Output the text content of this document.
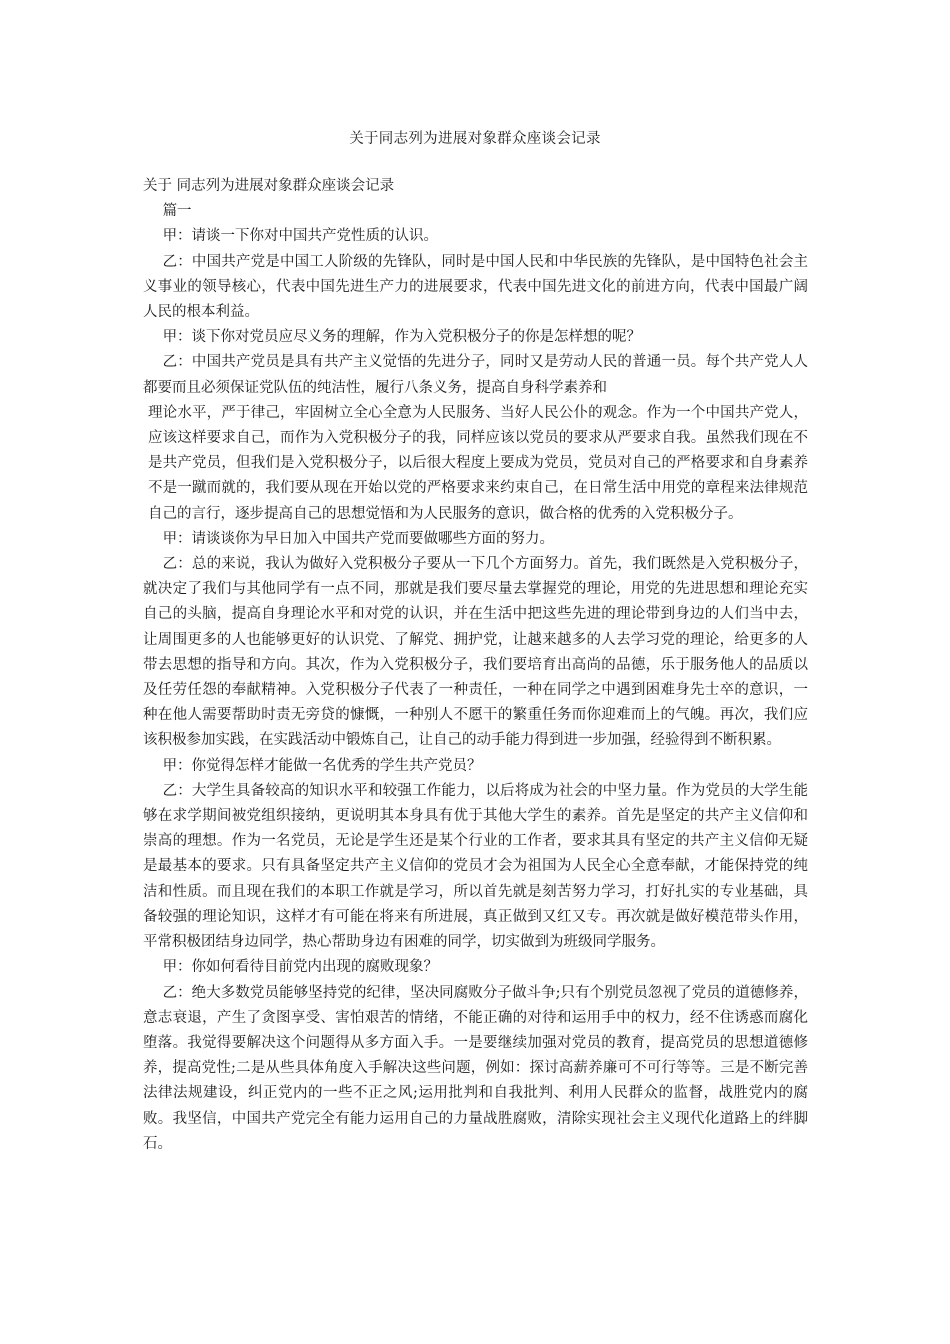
关于同志列为进展对象群众座谈会记录

关于 同志列为进展对象群众座谈会记录

篇一

甲：请谈一下你对中国共产党性质的认识。

乙：中国共产党是中国工人阶级的先锋队，同时是中国人民和中华民族的先锋队，是中国特色社会主义事业的领导核心，代表中国先进生产力的进展要求，代表中国先进文化的前进方向，代表中国最广阔人民的根本利益。

甲：谈下你对党员应尽义务的理解，作为入党积极分子的你是怎样想的呢？

乙：中国共产党员是具有共产主义觉悟的先进分子，同时又是劳动人民的普通一员。每个共产党人人都要而且必须保证党队伍的纯洁性，履行八条义务，提高自身科学素养和

理论水平，严于律己，牢固树立全心全意为人民服务、当好人民公仆的观念。作为一个中国共产党人，应该这样要求自己，而作为入党积极分子的我，同样应该以党员的要求从严要求自我。虽然我们现在不是共产党员，但我们是入党积极分子，以后很大程度上要成为党员，党员对自己的严格要求和自身素养不是一蹴而就的，我们要从现在开始以党的严格要求来约束自己，在日常生活中用党的章程来法律规范自己的言行，逐步提高自己的思想觉悟和为人民服务的意识，做合格的优秀的入党积极分子。

甲：请谈谈你为早日加入中国共产党而要做哪些方面的努力。

乙：总的来说，我认为做好入党积极分子要从一下几个方面努力。首先，我们既然是入党积极分子，就决定了我们与其他同学有一点不同，那就是我们要尽量去掌握党的理论，用党的先进思想和理论充实自己的头脑，提高自身理论水平和对党的认识，并在生活中把这些先进的理论带到身边的人们当中去，让周围更多的人也能够更好的认识党、了解党、拥护党，让越来越多的人去学习党的理论，给更多的人带去思想的指导和方向。其次，作为入党积极分子，我们要培育出高尚的品德，乐于服务他人的品质以及任劳任怨的奉献精神。入党积极分子代表了一种责任，一种在同学之中遇到困难身先士卒的意识，一种在他人需要帮助时责无旁贷的慷慨，一种别人不愿干的繁重任务而你迎难而上的气魄。再次，我们应该积极参加实践，在实践活动中锻炼自己，让自己的动手能力得到进一步加强，经验得到不断积累。

甲：你觉得怎样才能做一名优秀的学生共产党员？

乙：大学生具备较高的知识水平和较强工作能力，以后将成为社会的中坚力量。作为党员的大学生能够在求学期间被党组织接纳，更说明其本身具有优于其他大学生的素养。首先是坚定的共产主义信仰和崇高的理想。作为一名党员，无论是学生还是某个行业的工作者，要求其具有坚定的共产主义信仰无疑是最基本的要求。只有具备坚定共产主义信仰的党员才会为祖国为人民全心全意奉献，才能保持党的纯洁和性质。而且现在我们的本职工作就是学习，所以首先就是刻苦努力学习，打好扎实的专业基础，具备较强的理论知识，这样才有可能在将来有所进展，真正做到又红又专。再次就是做好模范带头作用，平常积极团结身边同学，热心帮助身边有困难的同学，切实做到为班级同学服务。

甲：你如何看待目前党内出现的腐败现象？

乙：绝大多数党员能够坚持党的纪律，坚决同腐败分子做斗争;只有个别党员忽视了党员的道德修养，意志衰退，产生了贪图享受、害怕艰苦的情绪，不能正确的对待和运用手中的权力，经不住诱惑而腐化堕落。我觉得要解决这个问题得从多方面入手。一是要继续加强对党员的教育，提高党员的思想道德修养，提高党性;二是从些具体角度入手解决这些问题，例如：探讨高薪养廉可不可行等等。三是不断完善法律法规建设，纠正党内的一些不正之风;运用批判和自我批判、利用人民群众的监督，战胜党内的腐败。我坚信，中国共产党完全有能力运用自己的力量战胜腐败，清除实现社会主义现代化道路上的绊脚石。
